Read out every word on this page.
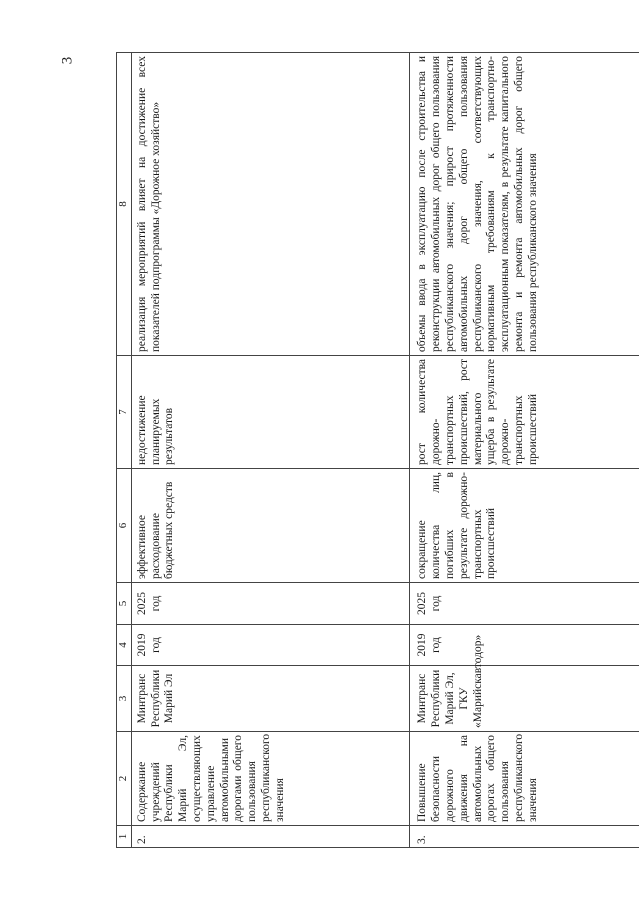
3
1	2	3	4	5	6	7	8
2.	Содержание учреждений Республики Марий Эл, осуществляющих управление автомобильными дорогами общего пользования республиканского значения	Минтранс Республики Марий Эл	2019 год	2025 год	эффективное расходование бюджетных средств	недостижение планируемых результатов	реализация мероприятий влияет на достижение всех показателей подпрограммы «Дорожное хозяйство»
3.	Повышение безопасности дорожного движения на автомобильных дорогах общего пользования республиканского значения	Минтранс Республики Марий Эл, ГКУ «Марийскавтодор»	2019 год	2025 год	сокращение количества лиц, погибших в результате дорожно-транспортных происшествий	рост количества дорожно-транспортных происшествий, рост материального ущерба в результате дорожно-транспортных происшествий	объемы ввода в эксплуатацию после строительства и реконструкции автомобильных дорог общего пользования республиканского значения; прирост протяженности автомобильных дорог общего пользования республиканского значения, соответствующих нормативным требованиям к транспортно-эксплуатационным показателям, в результате капитального ремонта и ремонта автомобильных дорог общего пользования республиканского значения
